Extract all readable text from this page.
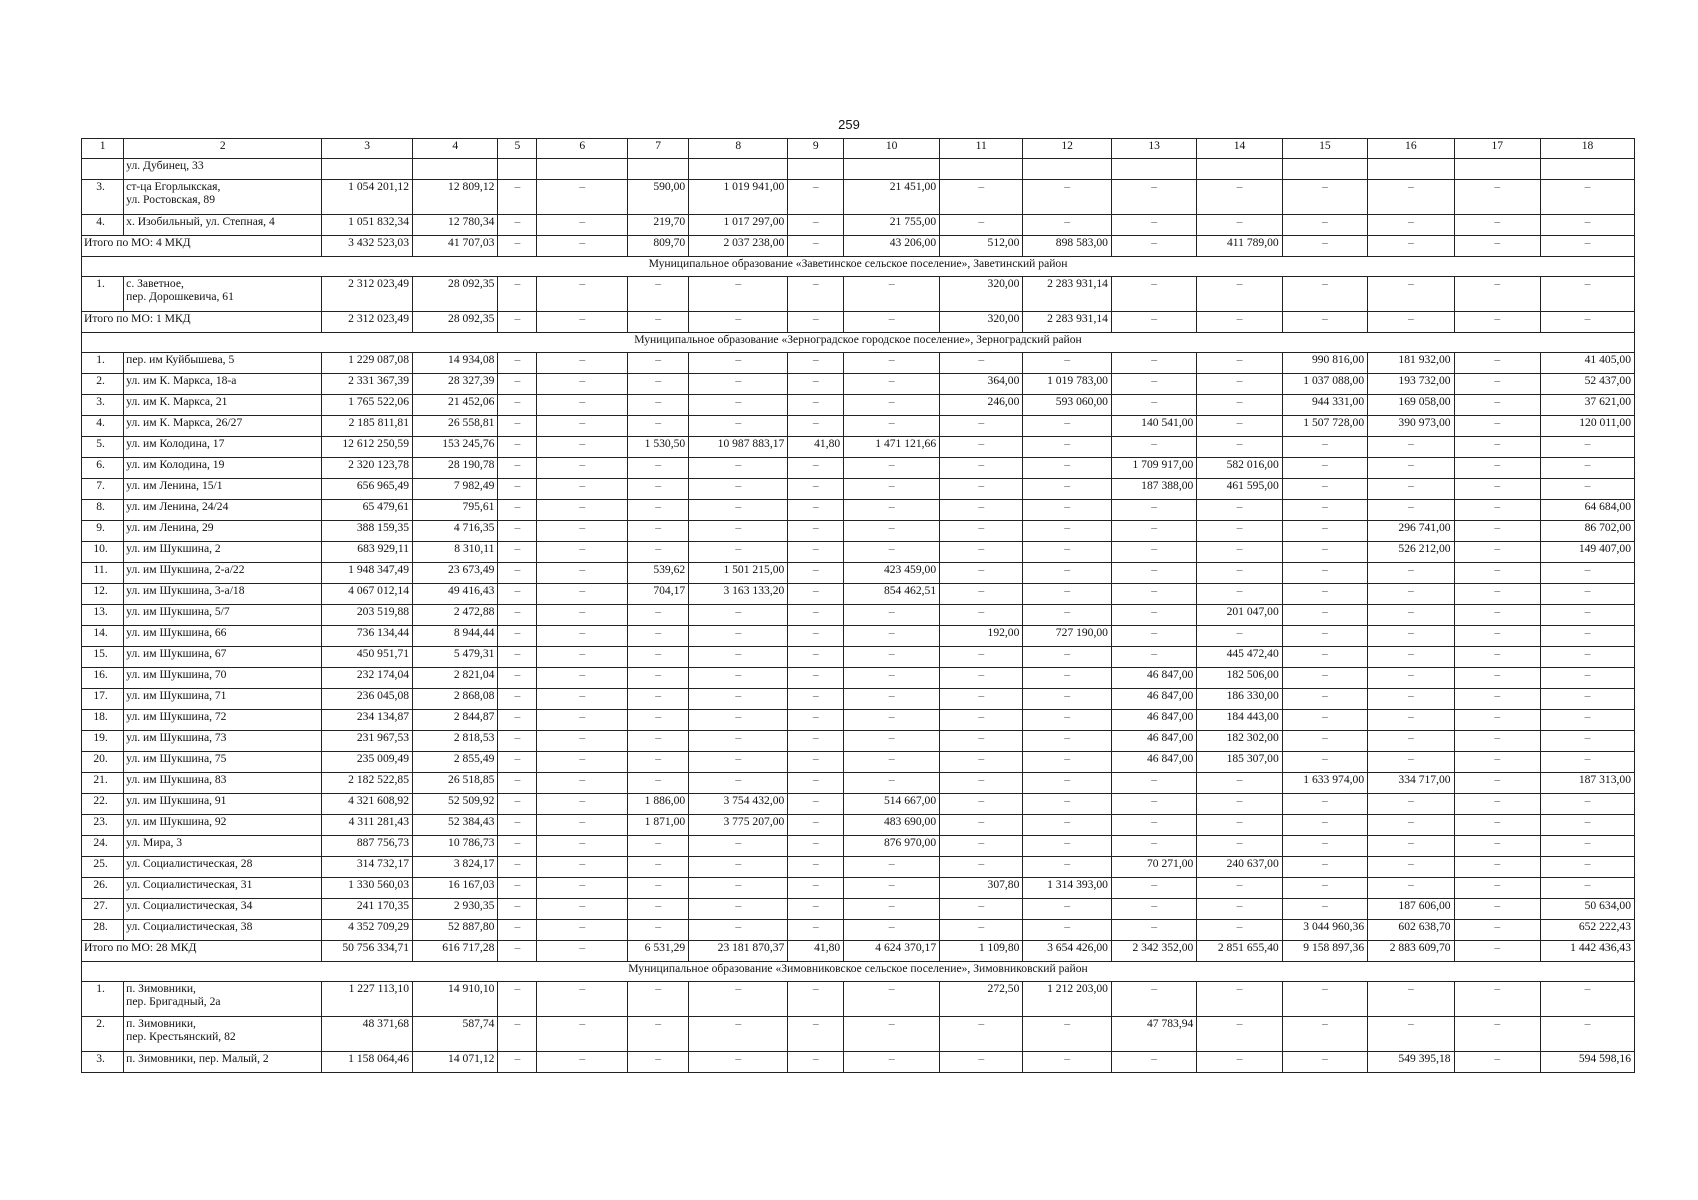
259
1	2	3	4	5	6	7	8	9	10	11	12	13	14	15	16	17	18

	ул. Дубинец, 33																

3.	ст-ца Егорлыкская,
ул. Ростовская, 89	1 054 201,12	12 809,12	–	–	590,00	1 019 941,00	–	21 451,00	–	–	–	–	–	–	–	–
4.	х. Изобильный, ул. Степная, 4	1 051 832,34	12 780,34	–	–	219,70	1 017 297,00	–	21 755,00	–	–	–	–	–	–	–	–
Итого по МО: 4 МКД		3 432 523,03	41 707,03	–	–	809,70	2 037 238,00	–	43 206,00	512,00	898 583,00	–	411 789,00	–	–	–	–
Муниципальное образование «Заветинское сельское поселение», Заветинский район																	
1.	с. Заветное,
пер. Дорошкевича, 61	2 312 023,49	28 092,35	–	–	–	–	–	–	320,00	2 283 931,14	–	–	–	–	–	–
Итого по МО: 1 МКД		2 312 023,49	28 092,35	–	–	–	–	–	–	320,00	2 283 931,14	–	–	–	–	–	–
Муниципальное образование «Зерноградское городское поселение», Зерноградский район																	
1.	пер. им Куйбышева, 5	1 229 087,08	14 934,08	–	–	–	–	–	–	–	–	–	–	990 816,00	181 932,00	–	41 405,00
2.	ул. им К. Маркса, 18-а	2 331 367,39	28 327,39	–	–	–	–	–	–	364,00	1 019 783,00	–	–	1 037 088,00	193 732,00	–	52 437,00
3.	ул. им К. Маркса, 21	1 765 522,06	21 452,06	–	–	–	–	–	–	246,00	593 060,00	–	–	944 331,00	169 058,00	–	37 621,00
4.	ул. им К. Маркса, 26/27	2 185 811,81	26 558,81	–	–	–	–	–	–	–	–	140 541,00	–	1 507 728,00	390 973,00	–	120 011,00
5.	ул. им Колодина, 17	12 612 250,59	153 245,76	–	–	1 530,50	10 987 883,17	41,80	1 471 121,66	–	–	–	–	–	–	–	–
6.	ул. им Колодина, 19	2 320 123,78	28 190,78	–	–	–	–	–	–	–	–	1 709 917,00	582 016,00	–	–	–	–
7.	ул. им Ленина, 15/1	656 965,49	7 982,49	–	–	–	–	–	–	–	–	187 388,00	461 595,00	–	–	–	–
8.	ул. им Ленина, 24/24	65 479,61	795,61	–	–	–	–	–	–	–	–	–	–	–	–	–	64 684,00
9.	ул. им Ленина, 29	388 159,35	4 716,35	–	–	–	–	–	–	–	–	–	–	–	296 741,00	–	86 702,00
10.	ул. им Шукшина, 2	683 929,11	8 310,11	–	–	–	–	–	–	–	–	–	–	–	526 212,00	–	149 407,00
11.	ул. им Шукшина, 2-а/22	1 948 347,49	23 673,49	–	–	539,62	1 501 215,00	–	423 459,00	–	–	–	–	–	–	–	–
12.	ул. им Шукшина, 3-а/18	4 067 012,14	49 416,43	–	–	704,17	3 163 133,20	–	854 462,51	–	–	–	–	–	–	–	–
13.	ул. им Шукшина, 5/7	203 519,88	2 472,88	–	–	–	–	–	–	–	–	–	201 047,00	–	–	–	–
14.	ул. им Шукшина, 66	736 134,44	8 944,44	–	–	–	–	–	–	192,00	727 190,00	–	–	–	–	–	–
15.	ул. им Шукшина, 67	450 951,71	5 479,31	–	–	–	–	–	–	–	–	–	445 472,40	–	–	–	–
16.	ул. им Шукшина, 70	232 174,04	2 821,04	–	–	–	–	–	–	–	–	46 847,00	182 506,00	–	–	–	–
17.	ул. им Шукшина, 71	236 045,08	2 868,08	–	–	–	–	–	–	–	–	46 847,00	186 330,00	–	–	–	–
18.	ул. им Шукшина, 72	234 134,87	2 844,87	–	–	–	–	–	–	–	–	46 847,00	184 443,00	–	–	–	–
19.	ул. им Шукшина, 73	231 967,53	2 818,53	–	–	–	–	–	–	–	–	46 847,00	182 302,00	–	–	–	–
20.	ул. им Шукшина, 75	235 009,49	2 855,49	–	–	–	–	–	–	–	–	46 847,00	185 307,00	–	–	–	–
21.	ул. им Шукшина, 83	2 182 522,85	26 518,85	–	–	–	–	–	–	–	–	–	–	1 633 974,00	334 717,00	–	187 313,00
22.	ул. им Шукшина, 91	4 321 608,92	52 509,92	–	–	1 886,00	3 754 432,00	–	514 667,00	–	–	–	–	–	–	–	–
23.	ул. им Шукшина, 92	4 311 281,43	52 384,43	–	–	1 871,00	3 775 207,00	–	483 690,00	–	–	–	–	–	–	–	–
24.	ул. Мира, 3	887 756,73	10 786,73	–	–	–	–	–	876 970,00	–	–	–	–	–	–	–	–
25.	ул. Социалистическая, 28	314 732,17	3 824,17	–	–	–	–	–	–	–	–	70 271,00	240 637,00	–	–	–	–
26.	ул. Социалистическая, 31	1 330 560,03	16 167,03	–	–	–	–	–	–	307,80	1 314 393,00	–	–	–	–	–	–
27.	ул. Социалистическая, 34	241 170,35	2 930,35	–	–	–	–	–	–	–	–	–	–	–	187 606,00	–	50 634,00
28.	ул. Социалистическая, 38	4 352 709,29	52 887,80	–	–	–	–	–	–	–	–	–	–	3 044 960,36	602 638,70	–	652 222,43
Итого по МО: 28 МКД		50 756 334,71	616 717,28	–	–	6 531,29	23 181 870,37	41,80	4 624 370,17	1 109,80	3 654 426,00	2 342 352,00	2 851 655,40	9 158 897,36	2 883 609,70	–	1 442 436,43
Муниципальное образование «Зимовниковское сельское поселение», Зимовниковский район																	
1.	п. Зимовники,
пер. Бригадный, 2а	1 227 113,10	14 910,10	–	–	–	–	–	–	272,50	1 212 203,00	–	–	–	–	–	–
2.	п. Зимовники,
пер. Крестьянский, 82	48 371,68	587,74	–	–	–	–	–	–	–	–	47 783,94	–	–	–	–	–
3.	п. Зимовники, пер. Малый, 2	1 158 064,46	14 071,12	–	–	–	–	–	–	–	–	–	–	–	549 395,18	–	594 598,16
